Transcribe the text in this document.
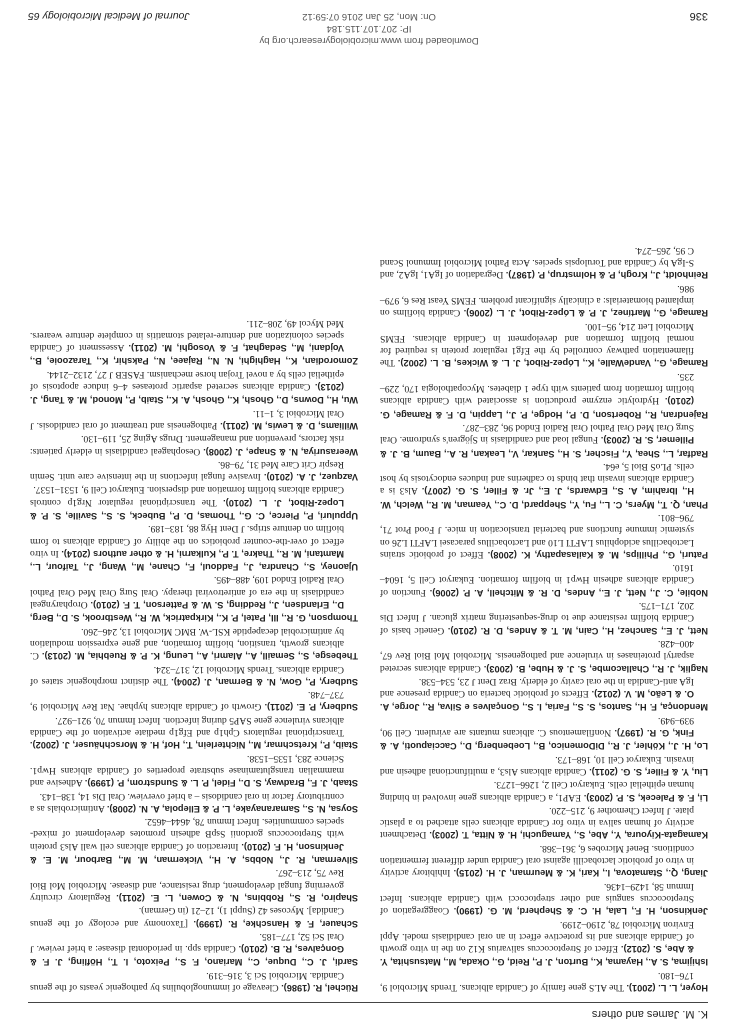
K. M. James and others

Hoyer, L. L. (2001). The ALS gene family of Candida albicans. Trends Microbiol 9, 176–180.

Ishijima, S. A., Hayama, K., Burton, J. P., Reid, G., Okada, M., Matsushita, Y. & Abe, S. (2012). Effect of Streptococcus salivarius K12 on the in vitro growth of Candida albicans and its protective effect in an oral candidiasis model. Appl Environ Microbiol 78, 2190–2199.

Jenkinson, H. F., Lala, H. C. & Shepherd, M. G. (1990). Coaggregation of Streptococcus sanguis and other streptococci with Candida albicans. Infect Immun 58, 1429–1436.

Jiang, Q., Stamatova, I., Kari, K. & Meurman, J. H. (2015). Inhibitory activity in vitro of probiotic lactobacilli against oral Candida under different fermentation conditions. Benef Microbes 6, 361–368.

Kamagata-Kiyoura, Y., Abe, S., Yamaguchi, H. & Nitta, T. (2003). Detachment activity of human saliva in vitro for Candida albicans cells attached to a plastic plate. J Infect Chemother 9, 215–220.

Li, F. & Palecek, S. P. (2003). EAP1, a Candida albicans gene involved in binding human epithelial cells. Eukaryot Cell 2, 1266–1273.

Liu, Y. & Filler, S. G. (2011). Candida albicans Als3, a multifunctional adhesin and invasin. Eukaryot Cell 10, 168–173.

Lo, H. J., Köhler, J. R., DiDomenico, B., Loebenberg, D., Cacciapuoti, A. & Fink, G. R. (1997). Nonfilamentous C. albicans mutants are avirulent. Cell 90, 939–949.

Mendonça, F. H., Santos, S. S., Faria, I. S., Gonçalves e Silva, R., Jorge, A. O. & Leão, M. V. (2012). Effects of probiotic bacteria on Candida presence and IgA anti-Candida in the oral cavity of elderly. Braz Dent J 23, 534–538.

Naglik, J. R., Challacombe, S. J. & Hube, B. (2003). Candida albicans secreted aspartyl proteinases in virulence and pathogenesis. Microbiol Mol Biol Rev 67, 400–428.

Nett, J. E., Sanchez, H., Cain, M. T. & Andes, D. R. (2010). Genetic basis of Candida biofilm resistance due to drug-sequestering matrix glucan. J Infect Dis 202, 171–175.

Nobile, C. J., Nett, J. E., Andes, D. R. & Mitchell, A. P. (2006). Function of Candida albicans adhesin Hwp1 in biofilm formation. Eukaryot Cell 5, 1604–1610.

Paturi, G., Phillips, M. & Kailasapathy, K. (2008). Effect of probiotic strains Lactobacillus acidophilus LAFTI L10 and Lactobacillus paracasei LAFTI L26 on systemic immune functions and bacterial translocation in mice. J Food Prot 71, 796–801.

Phan, Q. T., Myers, C. L., Fu, Y., Sheppard, D. C., Yeaman, M. R., Welch, W. H., Ibrahim, A. S., Edwards, J. E., Jr. & Filler, S. G. (2007). Als3 is a Candida albicans invasin that binds to cadherins and induces endocytosis by host cells. PLoS Biol 5, e64.

Radfar, L., Shea, Y., Fischer, S. H., Sankar, V., Leakan, R. A., Baum, B. J. & Pillemer, S. R. (2003). Fungal load and candidiasis in Sjögren's syndrome. Oral Surg Oral Med Oral Pathol Oral Radiol Endod 96, 283–287.

Rajendran, R., Robertson, D. P., Hodge, P. J., Lappin, D. F. & Ramage, G. (2010). Hydrolytic enzyme production is associated with Candida albicans biofilm formation from patients with type 1 diabetes. Mycopathologia 170, 229–235.

Ramage, G., VandeWalle, K., López-Ribot, J. L. & Wickes, B. L. (2002). The filamentation pathway controlled by the Efg1 regulator protein is required for normal biofilm formation and development in Candida albicans. FEMS Microbiol Lett 214, 95–100.

Ramage, G., Martínez, J. P. & López-Ribot, J. L. (2006). Candida biofilms on implanted biomaterials: a clinically significant problem. FEMS Yeast Res 6, 979–986.

Reinholdt, J., Krogh, P. & Holmstrup, P. (1987). Degradation of IgA1, IgA2, and S-IgA by Candida and Torulopsis species. Acta Pathol Microbiol Immunol Scand C 95, 265–274.

Rüchel, R. (1986). Cleavage of immunoglobulins by pathogenic yeasts of the genus Candida. Microbiol Sci 3, 316–319.

Sardi, J. C., Duque, C., Mariano, F. S., Peixoto, I. T., Höfling, J. F. & Gonçalves, R. B. (2010). Candida spp. in periodontal disease: a brief review. J Oral Sci 52, 177–185.

Schauer, F. & Hanschke, R. (1999). [Taxonomy and ecology of the genus Candida]. Mycoses 42 (Suppl 1), 12–21 (in German).

Shapiro, R. S., Robbins, N. & Cowen, L. E. (2011). Regulatory circuitry governing fungal development, drug resistance, and disease. Microbiol Mol Biol Rev 75, 213–267.

Silverman, R. J., Nobbs, A. H., Vickerman, M. M., Barbour, M. E. & Jenkinson, H. F. (2010). Interaction of Candida albicans cell wall Als3 protein with Streptococcus gordonii SspB adhesin promotes development of mixed-species communities. Infect Immun 78, 4644–4652.

Soysa, N. S., Samaranayake, L. P. & Ellepola, A. N. (2008). Antimicrobials as a contributory factor in oral candidosis – a brief overview. Oral Dis 14, 138–143.

Staab, J. F., Bradway, S. D., Fidel, P. L. & Sundstrom, P. (1999). Adhesive and mammalian transglutaminase substrate properties of Candida albicans Hwp1. Science 283, 1535–1538.

Staib, P., Kretschmar, M., Nichterlein, T., Hof, H. & Morschhäuser, J. (2002). Transcriptional regulators Cph1p and Efg1p mediate activation of the Candida albicans virulence gene SAP5 during infection. Infect Immun 70, 921–927.

Sudbery, P. E. (2011). Growth of Candida albicans hyphae. Nat Rev Microbiol 9, 737–748.

Sudbery, P., Gow, N. & Berman, J. (2004). The distinct morphogenic states of Candida albicans. Trends Microbiol 12, 317–324.

Thebesge, S., Semaill, A., Alamri, A., Leung, K. P. & Ruebhia, M. (2013). C. albicans growth, transition, biofilm formation, and gene expression modulation by antimicrobial decapeptide KSL-W. BMC Microbiol 13, 246–260.

Thompson, G. R., III, Patel, P. K., Kirkpatrick, W. R., Westbrook, S. D., Berg, D., Erlandsen, J., Redding, S. W. & Patterson, T. F. (2010). Oropharyngeal candidiasis in the era of antiretroviral therapy. Oral Surg Oral Med Oral Pathol Oral Radiol Endod 109, 488–495.

Ujaoney, S., Chandra, J., Faddoul, F., Chane, M., Wang, J., Taifour, L., Mamtani, M. R., Thakre, T. P., Kulkarni, H. & other authors (2014). In vitro effect of over-the-counter probiotics on the ability of Candida albicans to form biofilm on denture strips. J Dent Hyg 88, 183–189.

Uppuluri, P., Pierce, C. G., Thomas, D. P., Bubeck, S. S., Saville, S. P. & Lopez-Ribot, J. L. (2010). The transcriptional regulator Nrg1p controls Candida albicans biofilm formation and dispersion. Eukaryot Cell 9, 1531–1537.

Vazquez, J. A. (2010). Invasive fungal infections in the intensive care unit. Semin Respir Crit Care Med 31, 79–86.

Weerasuriya, N. & Snape, J. (2008). Oesophageal candidiasis in elderly patients: risk factors, prevention and management. Drugs Aging 25, 119–130.

Williams, D. & Lewis, M. (2011). Pathogenesis and treatment of oral candidosis. J Oral Microbiol 3, 1–11.

Wu, H., Downs, D., Ghosh, K., Ghosh, A. K., Staib, P., Monod, M. & Tang, J. (2013). Candida albicans secreted aspartic proteases 4–6 induce apoptosis of epithelial cells by a novel Trojan horse mechanism. FASEB J 27, 2132–2144.

Zomorodian, K., Haghighi, N. N., Rajaee, N., Pakshir, K., Tarazooie, B., Vojdani, M., Sedaghat, F. & Vosoghi, M. (2011). Assessment of Candida species colonization and denture-related stomatitis in complete denture wearers. Med Mycol 49, 208–211.

336
Downloaded from www.microbiologyresearch.org by
IP: 207.107.115.184
On: Mon, 25 Jan 2016 07:59:12
Journal of Medical Microbiology 65
